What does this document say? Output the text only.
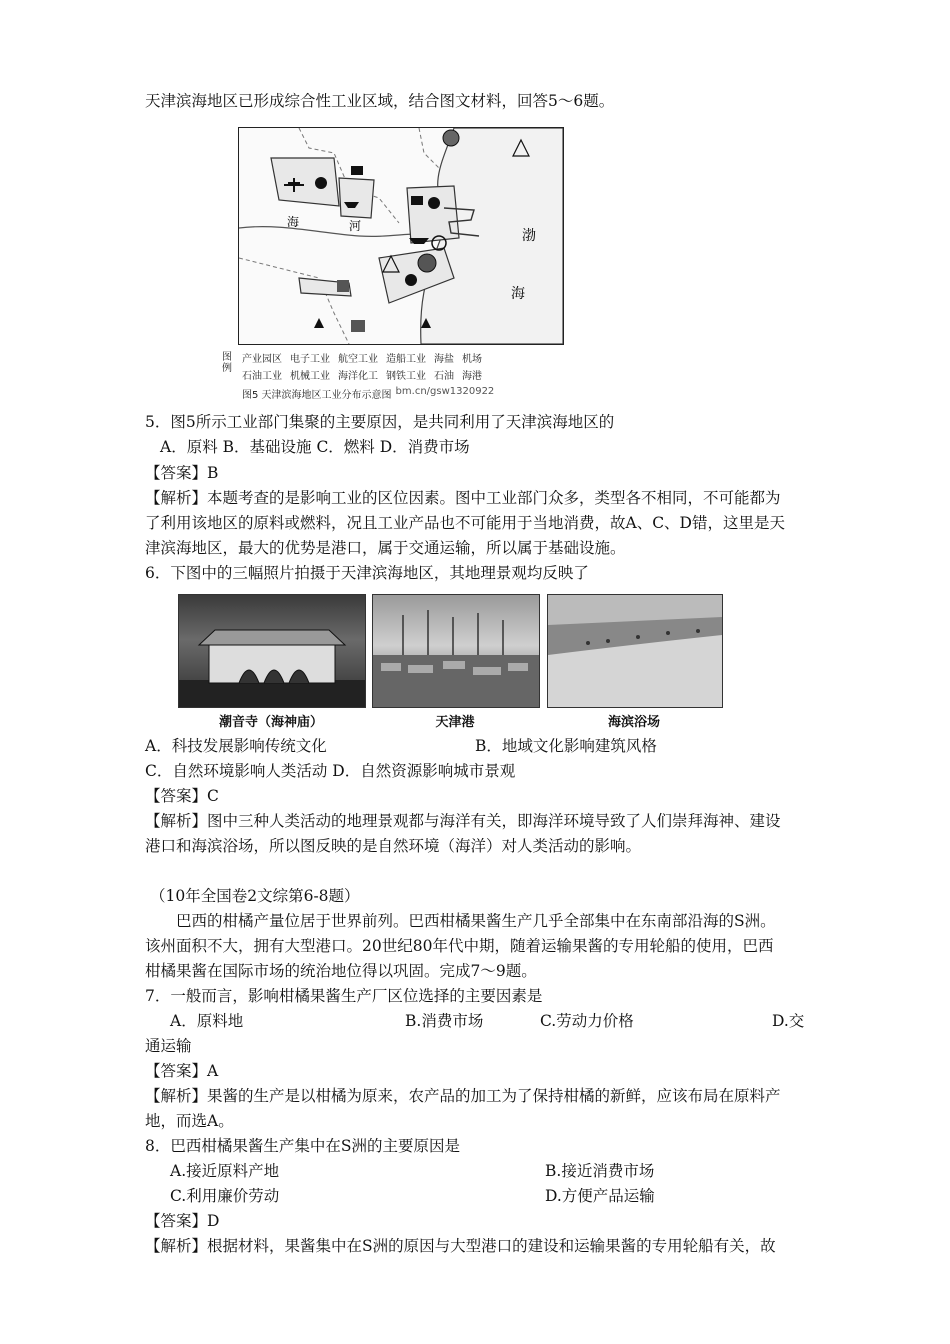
天津滨海地区已形成综合性工业区域，结合图文材料，回答5～6题。
渤
海
海	河
图例
产业园区 电子工业 航空工业 造船工业 海盐 机场
石油工业 机械工业 海洋化工 钢铁工业 石油 海港
图5 天津滨海地区工业分布示意图 bm.cn/gsw1320922
5．图5所示工业部门集聚的主要原因，是共同利用了天津滨海地区的
A．原料 B．基础设施 C．燃料 D．消费市场
【答案】B
【解析】本题考查的是影响工业的区位因素。图中工业部门众多，类型各不相同，不可能都为
了利用该地区的原料或燃料，况且工业产品也不可能用于当地消费，故A、C、D错，这里是天
津滨海地区，最大的优势是港口，属于交通运输，所以属于基础设施。
6．下图中的三幅照片拍摄于天津滨海地区，其地理景观均反映了
潮音寺（海神庙）	天津港	海滨浴场
A．科技发展影响传统文化	B．地域文化影响建筑风格
C．自然环境影响人类活动 D．自然资源影响城市景观
【答案】C
【解析】图中三种人类活动的地理景观都与海洋有关，即海洋环境导致了人们崇拜海神、建设
港口和海滨浴场，所以图反映的是自然环境（海洋）对人类活动的影响。
（10年全国卷2文综第6-8题）
巴西的柑橘产量位居于世界前列。巴西柑橘果酱生产几乎全部集中在东南部沿海的S洲。
该州面积不大，拥有大型港口。20世纪80年代中期，随着运输果酱的专用轮船的使用，巴西
柑橘果酱在国际市场的统治地位得以巩固。完成7～9题。
7．一般而言，影响柑橘果酱生产厂区位选择的主要因素是
A．原料地	B.消费市场	C.劳动力价格	D.交
通运输
【答案】A
【解析】果酱的生产是以柑橘为原来，农产品的加工为了保持柑橘的新鲜，应该布局在原料产
地，而选A。
8．巴西柑橘果酱生产集中在S洲的主要原因是
A.接近原料产地	B.接近消费市场
C.利用廉价劳动	D.方便产品运输
【答案】D
【解析】根据材料，果酱集中在S洲的原因与大型港口的建设和运输果酱的专用轮船有关，故
